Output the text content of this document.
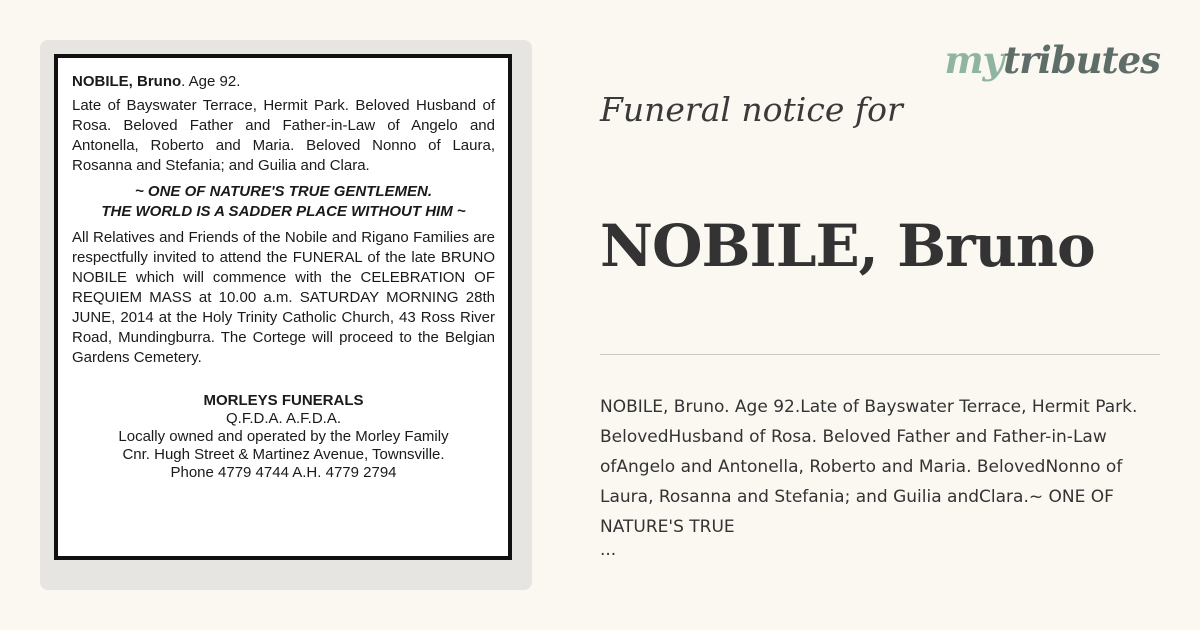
NOBILE, Bruno. Age 92.

Late of Bayswater Terrace, Hermit Park. Beloved Husband of Rosa. Beloved Father and Father-in-Law of Angelo and Antonella, Roberto and Maria. Beloved Nonno of Laura, Rosanna and Stefania; and Guilia and Clara.

~ ONE OF NATURE'S TRUE GENTLEMEN.
THE WORLD IS A SADDER PLACE WITHOUT HIM ~

All Relatives and Friends of the Nobile and Rigano Families are respectfully invited to attend the FUNERAL of the late BRUNO NOBILE which will commence with the CELEBRATION OF REQUIEM MASS at 10.00 a.m. SATURDAY MORNING 28th JUNE, 2014 at the Holy Trinity Catholic Church, 43 Ross River Road, Mundingburra. The Cortege will proceed to the Belgian Gardens Cemetery.

MORLEYS FUNERALS
Q.F.D.A. A.F.D.A.
Locally owned and operated by the Morley Family
Cnr. Hugh Street & Martinez Avenue, Townsville.
Phone 4779 4744 A.H. 4779 2794
mytributes
Funeral notice for
NOBILE, Bruno
NOBILE, Bruno. Age 92.Late of Bayswater Terrace, Hermit Park. BelovedHusband of Rosa. Beloved Father and Father-in-Law ofAngelo and Antonella, Roberto and Maria. BelovedNonno of Laura, Rosanna and Stefania; and Guilia andClara.~ ONE OF NATURE'S TRUE
...
